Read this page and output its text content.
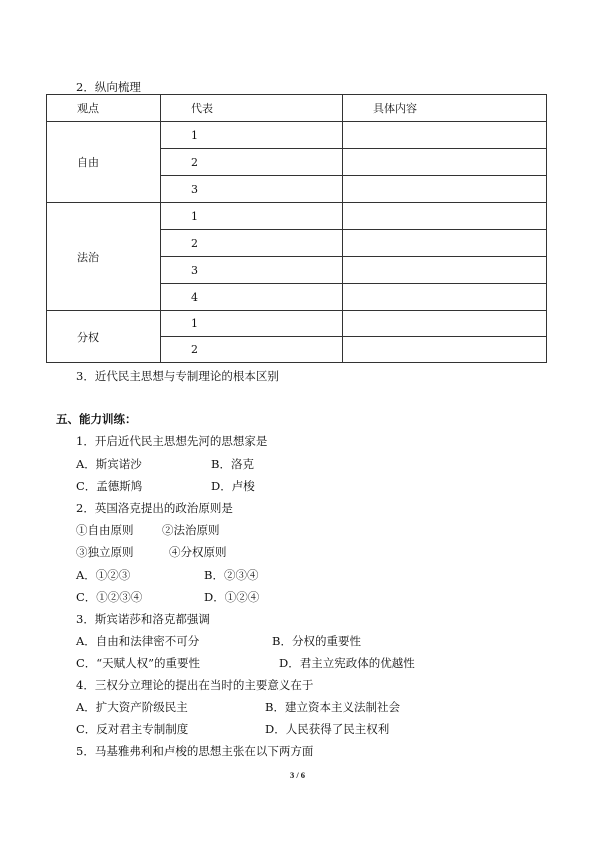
2．纵向梳理
观点	代表	具体内容
自由	1	
	2	
	3	
法治	1	
	2	
	3	
	4	
分权	1	
	2	
3．近代民主思想与专制理论的根本区别
五、能力训练：
1．开启近代民主思想先河的思想家是
A．斯宾诺沙	B．洛克
C．孟德斯鸠	D．卢梭
2．英国洛克提出的政治原则是
①自由原则 ②法治原则
③独立原则	④分权原则
A．①②③	B．②③④
C．①②③④	D．①②④
3．斯宾诺莎和洛克都强调
A．自由和法律密不可分	B．分权的重要性
C．“天赋人权”的重要性	D．君主立宪政体的优越性
4．三权分立理论的提出在当时的主要意义在于
A．扩大资产阶级民主	B．建立资本主义法制社会
C．反对君主专制制度	D．人民获得了民主权利
5．马基雅弗利和卢梭的思想主张在以下两方面
3 / 6
